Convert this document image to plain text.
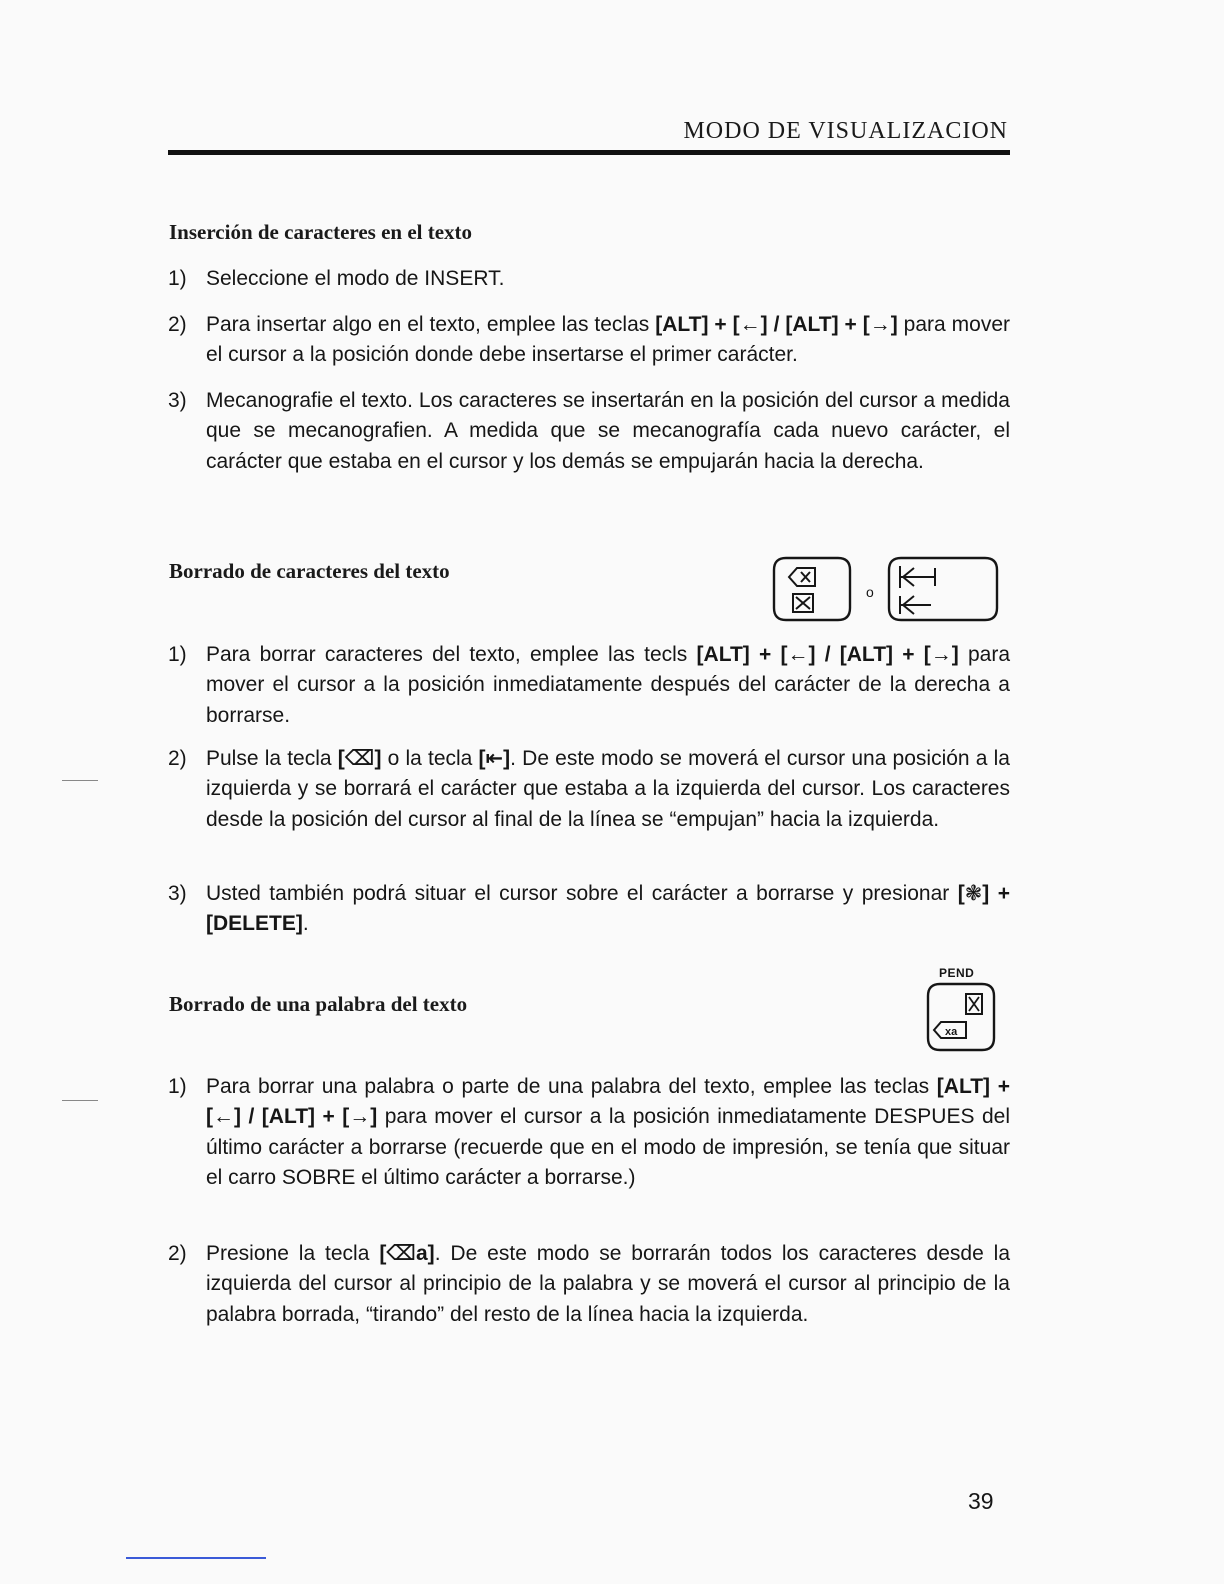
MODO DE VISUALIZACION
Inserción de caracteres en el texto
1) Seleccione el modo de INSERT.
2) Para insertar algo en el texto, emplee las teclas [ALT] + [←] / [ALT] + [→] para mover el cursor a la posición donde debe insertarse el primer carácter.
3) Mecanografie el texto. Los caracteres se insertarán en la posición del cursor a medida que se mecanografien. A medida que se mecanografía cada nuevo carácter, el carácter que estaba en el cursor y los demás se empujarán hacia la derecha.
Borrado de caracteres del texto
o
1) Para borrar caracteres del texto, emplee las tecls [ALT] + [←] / [ALT] + [→] para mover el cursor a la posición inmediatamente después del carácter de la derecha a borrarse.
2) Pulse la tecla [⌫] o la tecla [⇤]. De este modo se moverá el cursor una posición a la izquierda y se borrará el carácter que estaba a la izquierda del cursor. Los caracteres desde la posición del cursor al final de la línea se “empujan” hacia la izquierda.
3) Usted también podrá situar el cursor sobre el carácter a borrarse y presionar [❃] + [DELETE].
Borrado de una palabra del texto
PEND
xa
1) Para borrar una palabra o parte de una palabra del texto, emplee las teclas [ALT] + [←] / [ALT] + [→] para mover el cursor a la posición inmediatamente DESPUES del último carácter a borrarse (recuerde que en el modo de impresión, se tenía que situar el carro SOBRE el último carácter a borrarse.)
2) Presione la tecla [⌫a]. De este modo se borrarán todos los caracteres desde la izquierda del cursor al principio de la palabra y se moverá el cursor al principio de la palabra borrada, “tirando” del resto de la línea hacia la izquierda.
39
